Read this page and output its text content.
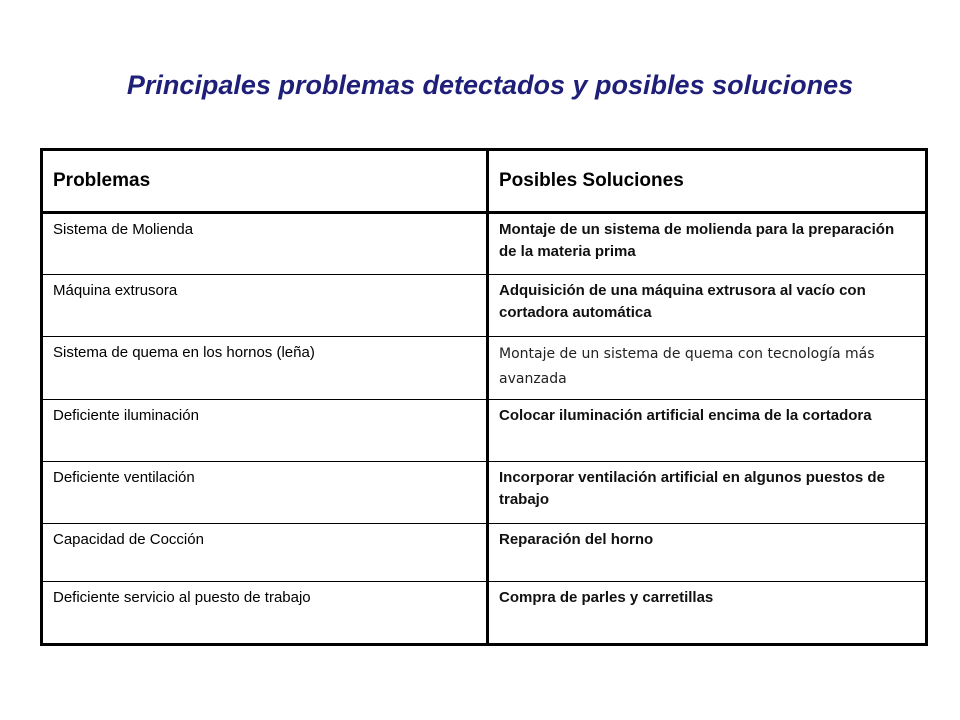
Principales problemas detectados y posibles soluciones
Problemas	Posibles Soluciones
Sistema de Molienda	Montaje de un sistema de molienda para la preparación de la materia prima
Máquina extrusora	Adquisición de una máquina extrusora al vacío con cortadora automática
Sistema de quema en los hornos (leña)	Montaje de un sistema de quema con tecnología más avanzada
Deficiente iluminación	Colocar iluminación artificial encima de la cortadora
Deficiente ventilación	Incorporar ventilación artificial en algunos puestos de trabajo
Capacidad de Cocción	Reparación del horno
Deficiente servicio al puesto de trabajo	Compra de parles y carretillas
